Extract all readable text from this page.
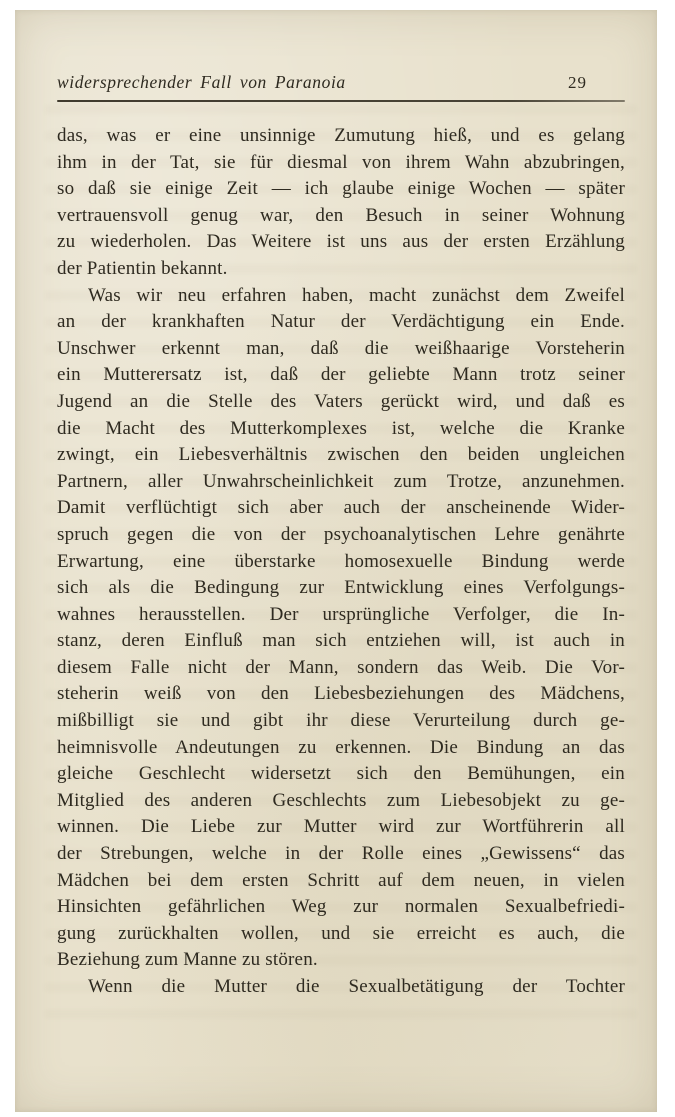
widersprechender Fall von Paranoia	29
das, was er eine unsinnige Zumutung hieß, und es gelang
ihm in der Tat, sie für diesmal von ihrem Wahn abzubringen,
so daß sie einige Zeit — ich glaube einige Wochen — später
vertrauensvoll genug war, den Besuch in seiner Wohnung
zu wiederholen. Das Weitere ist uns aus der ersten Erzählung
der Patientin bekannt.
Was wir neu erfahren haben, macht zunächst dem Zweifel
an der krankhaften Natur der Verdächtigung ein Ende.
Unschwer erkennt man, daß die weißhaarige Vorsteherin
ein Mutterersatz ist, daß der geliebte Mann trotz seiner
Jugend an die Stelle des Vaters gerückt wird, und daß es
die Macht des Mutterkomplexes ist, welche die Kranke
zwingt, ein Liebesverhältnis zwischen den beiden ungleichen
Partnern, aller Unwahrscheinlichkeit zum Trotze, anzunehmen.
Damit verflüchtigt sich aber auch der anscheinende Wider-
spruch gegen die von der psychoanalytischen Lehre genährte
Erwartung, eine überstarke homosexuelle Bindung werde
sich als die Bedingung zur Entwicklung eines Verfolgungs-
wahnes herausstellen. Der ursprüngliche Verfolger, die In-
stanz, deren Einfluß man sich entziehen will, ist auch in
diesem Falle nicht der Mann, sondern das Weib. Die Vor-
steherin weiß von den Liebesbeziehungen des Mädchens,
mißbilligt sie und gibt ihr diese Verurteilung durch ge-
heimnisvolle Andeutungen zu erkennen. Die Bindung an das
gleiche Geschlecht widersetzt sich den Bemühungen, ein
Mitglied des anderen Geschlechts zum Liebesobjekt zu ge-
winnen. Die Liebe zur Mutter wird zur Wortführerin all
der Strebungen, welche in der Rolle eines „Gewissens“ das
Mädchen bei dem ersten Schritt auf dem neuen, in vielen
Hinsichten gefährlichen Weg zur normalen Sexualbefriedi-
gung zurückhalten wollen, und sie erreicht es auch, die
Beziehung zum Manne zu stören.
Wenn die Mutter die Sexualbetätigung der Tochter
